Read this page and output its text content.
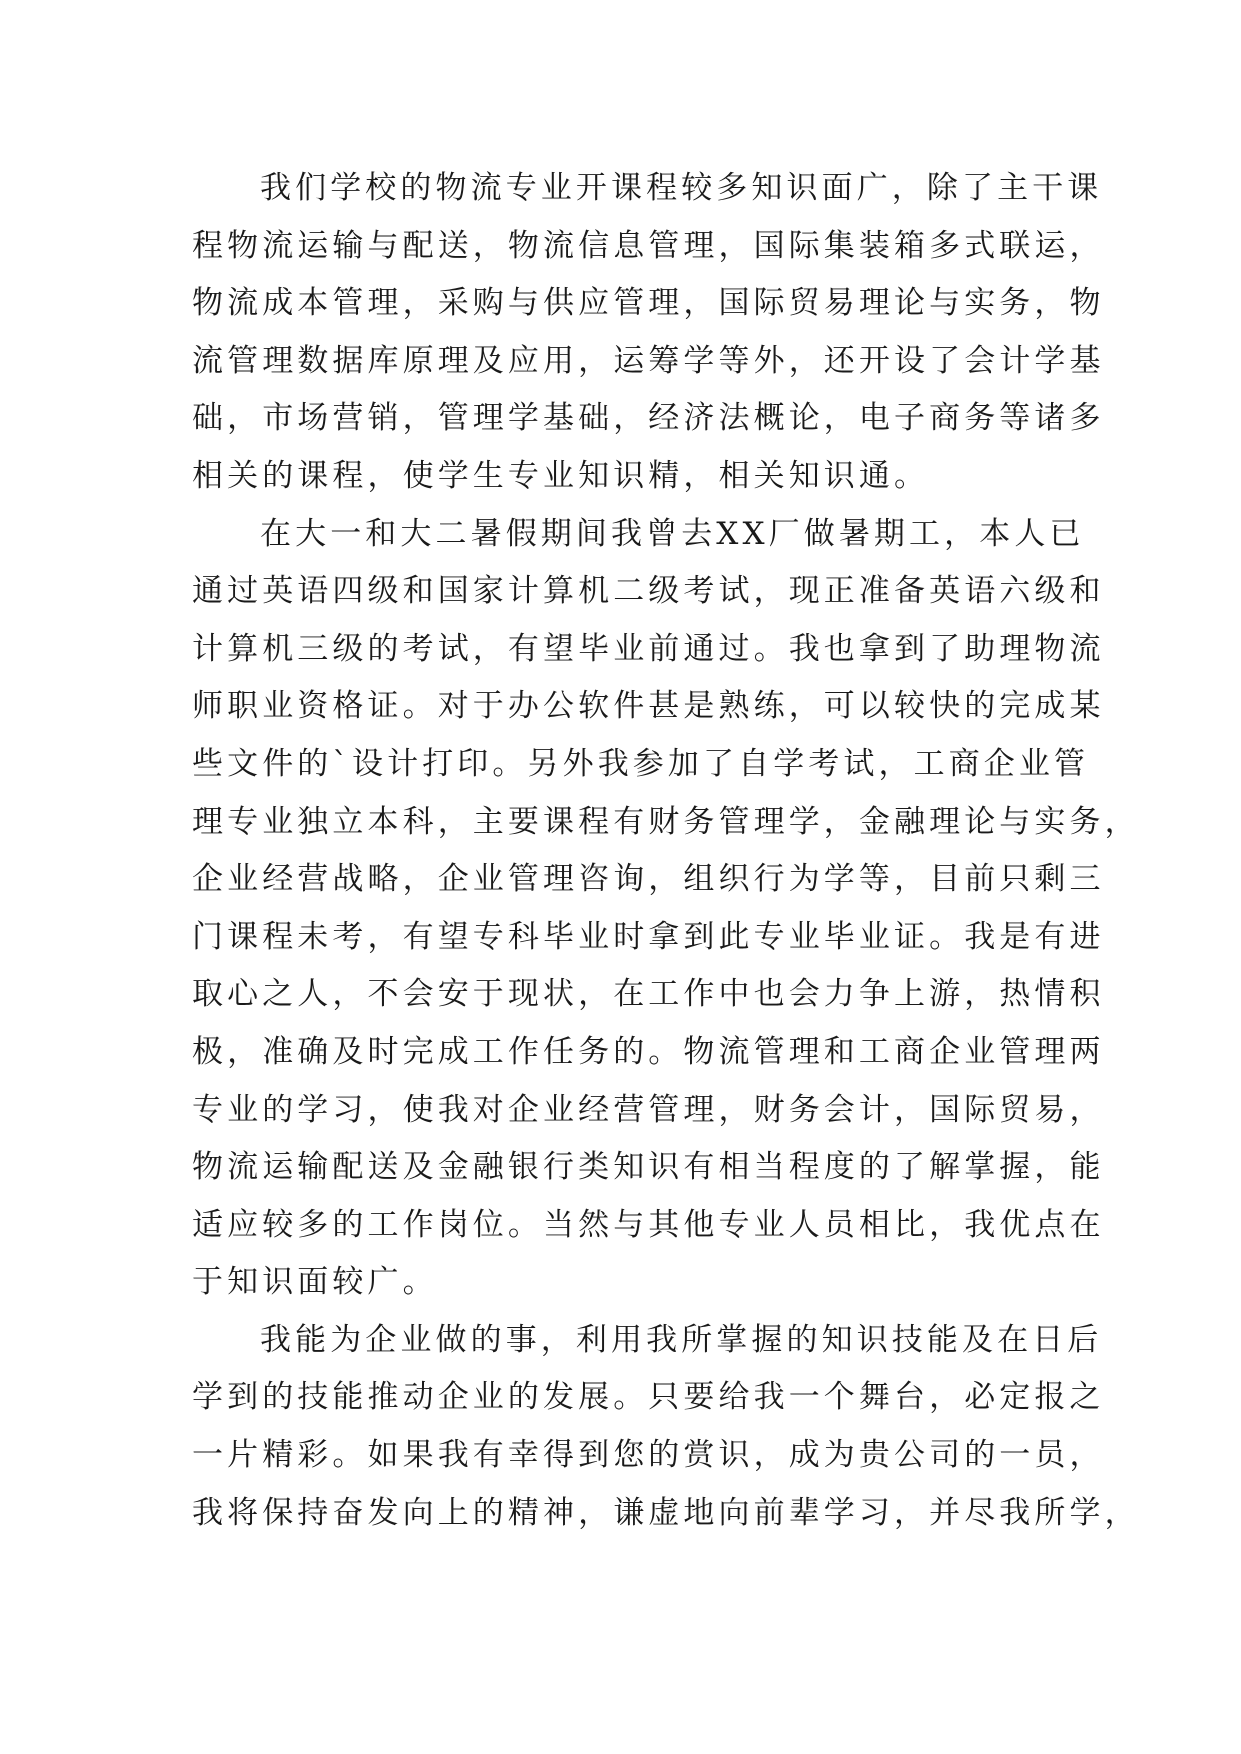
我们学校的物流专业开课程较多知识面广，除了主干课
程物流运输与配送，物流信息管理，国际集装箱多式联运，
物流成本管理，采购与供应管理，国际贸易理论与实务，物
流管理数据库原理及应用，运筹学等外，还开设了会计学基
础，市场营销，管理学基础，经济法概论，电子商务等诸多
相关的课程，使学生专业知识精，相关知识通。
在大一和大二暑假期间我曾去XX厂做暑期工，本人已
通过英语四级和国家计算机二级考试，现正准备英语六级和
计算机三级的考试，有望毕业前通过。我也拿到了助理物流
师职业资格证。对于办公软件甚是熟练，可以较快的完成某
些文件的`设计打印。另外我参加了自学考试，工商企业管
理专业独立本科，主要课程有财务管理学，金融理论与实务，
企业经营战略，企业管理咨询，组织行为学等，目前只剩三
门课程未考，有望专科毕业时拿到此专业毕业证。我是有进
取心之人，不会安于现状，在工作中也会力争上游，热情积
极，准确及时完成工作任务的。物流管理和工商企业管理两
专业的学习，使我对企业经营管理，财务会计，国际贸易，
物流运输配送及金融银行类知识有相当程度的了解掌握，能
适应较多的工作岗位。当然与其他专业人员相比，我优点在
于知识面较广。
我能为企业做的事，利用我所掌握的知识技能及在日后
学到的技能推动企业的发展。只要给我一个舞台，必定报之
一片精彩。如果我有幸得到您的赏识，成为贵公司的一员，
我将保持奋发向上的精神，谦虚地向前辈学习，并尽我所学，
